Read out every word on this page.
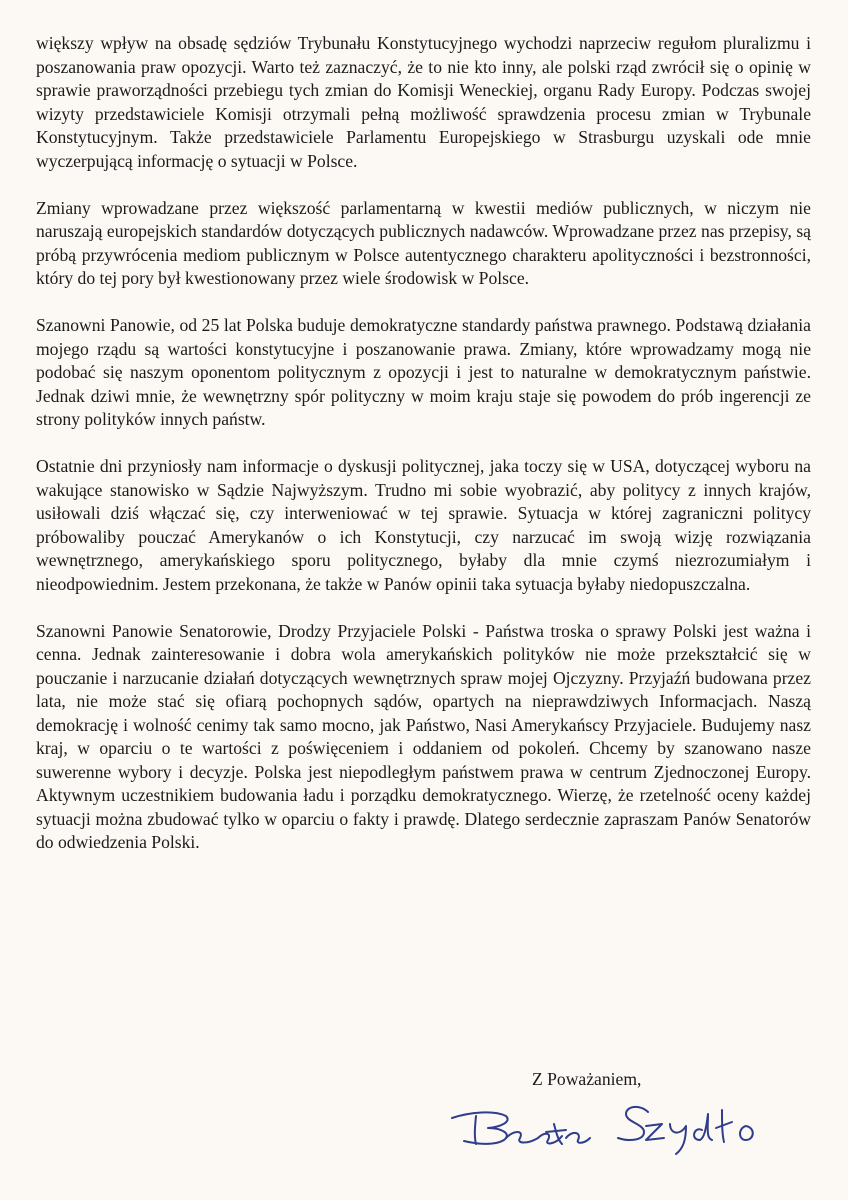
większy wpływ na obsadę sędziów Trybunału Konstytucyjnego wychodzi naprzeciw regułom pluralizmu i poszanowania praw opozycji. Warto też zaznaczyć, że to nie kto inny, ale polski rząd zwrócił się o opinię w sprawie praworządności przebiegu tych zmian do Komisji Weneckiej, organu Rady Europy. Podczas swojej wizyty przedstawiciele Komisji otrzymali pełną możliwość sprawdzenia procesu zmian w Trybunale Konstytucyjnym. Także przedstawiciele Parlamentu Europejskiego w Strasburgu uzyskali ode mnie wyczerpującą informację o sytuacji w Polsce.

Zmiany wprowadzane przez większość parlamentarną w kwestii mediów publicznych, w niczym nie naruszają europejskich standardów dotyczących publicznych nadawców. Wprowadzane przez nas przepisy, są próbą przywrócenia mediom publicznym w Polsce autentycznego charakteru apolityczności i bezstronności, który do tej pory był kwestionowany przez wiele środowisk w Polsce.

Szanowni Panowie, od 25 lat Polska buduje demokratyczne standardy państwa prawnego. Podstawą działania mojego rządu są wartości konstytucyjne i poszanowanie prawa. Zmiany, które wprowadzamy mogą nie podobać się naszym oponentom politycznym z opozycji i jest to naturalne w demokratycznym państwie. Jednak dziwi mnie, że wewnętrzny spór polityczny w moim kraju staje się powodem do prób ingerencji ze strony polityków innych państw.

Ostatnie dni przyniosły nam informacje o dyskusji politycznej, jaka toczy się w USA, dotyczącej wyboru na wakujące stanowisko w Sądzie Najwyższym. Trudno mi sobie wyobrazić, aby politycy z innych krajów, usiłowali dziś włączać się, czy interweniować w tej sprawie. Sytuacja w której zagraniczni politycy próbowaliby pouczać Amerykanów o ich Konstytucji, czy narzucać im swoją wizję rozwiązania wewnętrznego, amerykańskiego sporu politycznego, byłaby dla mnie czymś niezrozumiałym i nieodpowiednim. Jestem przekonana, że także w Panów opinii taka sytuacja byłaby niedopuszczalna.

Szanowni Panowie Senatorowie, Drodzy Przyjaciele Polski - Państwa troska o sprawy Polski jest ważna i cenna. Jednak zainteresowanie i dobra wola amerykańskich polityków nie może przekształcić się w pouczanie i narzucanie działań dotyczących wewnętrznych spraw mojej Ojczyzny. Przyjaźń budowana przez lata, nie może stać się ofiarą pochopnych sądów, opartych na nieprawdziwych Informacjach. Naszą demokrację i wolność cenimy tak samo mocno, jak Państwo, Nasi Amerykańscy Przyjaciele. Budujemy nasz kraj, w oparciu o te wartości z poświęceniem i oddaniem od pokoleń. Chcemy by szanowano nasze suwerenne wybory i decyzje. Polska jest niepodległym państwem prawa w centrum Zjednoczonej Europy. Aktywnym uczestnikiem budowania ładu i porządku demokratycznego. Wierzę, że rzetelność oceny każdej sytuacji można zbudować tylko w oparciu o fakty i prawdę. Dlatego serdecznie zapraszam Panów Senatorów do odwiedzenia Polski.

Z Poważaniem,
